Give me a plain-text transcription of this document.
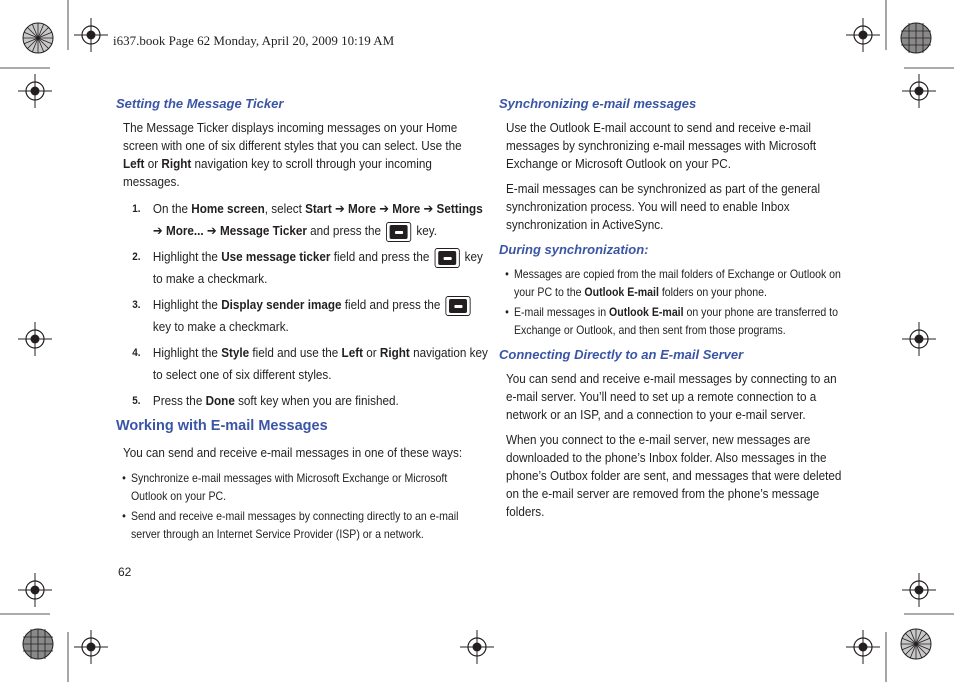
i637.book Page 62 Monday, April 20, 2009 10:19 AM
Setting the Message Ticker
The Message Ticker displays incoming messages on your Home screen with one of six different styles that you can select. Use the Left or Right navigation key to scroll through your incoming messages.
1. On the Home screen, select Start ➔ More ➔ More ➔ Settings ➔ More... ➔ Message Ticker and press the  key.
2. Highlight the Use message ticker field and press the  key to make a checkmark.
3. Highlight the Display sender image field and press the  key to make a checkmark.
4. Highlight the Style field and use the Left or Right navigation key to select one of six different styles.
5. Press the Done soft key when you are finished.
Working with E-mail Messages
You can send and receive e-mail messages in one of these ways:
• Synchronize e-mail messages with Microsoft Exchange or Microsoft Outlook on your PC.
• Send and receive e-mail messages by connecting directly to an e-mail server through an Internet Service Provider (ISP) or a network.
Synchronizing e-mail messages
Use the Outlook E-mail account to send and receive e-mail messages by synchronizing e-mail messages with Microsoft Exchange or Microsoft Outlook on your PC.
E-mail messages can be synchronized as part of the general synchronization process. You will need to enable Inbox synchronization in ActiveSync.
During synchronization:
• Messages are copied from the mail folders of Exchange or Outlook on your PC to the Outlook E-mail folders on your phone.
• E-mail messages in Outlook E-mail on your phone are transferred to Exchange or Outlook, and then sent from those programs.
Connecting Directly to an E-mail Server
You can send and receive e-mail messages by connecting to an e-mail server. You’ll need to set up a remote connection to a network or an ISP, and a connection to your e-mail server.
When you connect to the e-mail server, new messages are downloaded to the phone’s Inbox folder. Also messages in the phone’s Outbox folder are sent, and messages that were deleted on the e-mail server are removed from the phone’s message folders.
62
